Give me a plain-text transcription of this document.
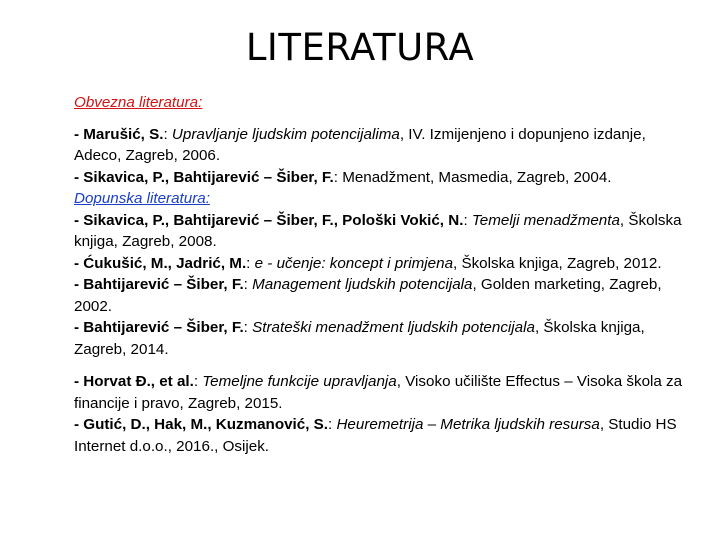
LITERATURA
Obvezna literatura:

- Marušić, S.: Upravljanje ljudskim potencijalima, IV. Izmijenjeno i dopunjeno izdanje, Adeco, Zagreb, 2006.

- Sikavica, P., Bahtijarević – Šiber, F.: Menadžment, Masmedia, Zagreb, 2004.

Dopunska literatura:

- Sikavica, P., Bahtijarević – Šiber, F., Pološki Vokić, N.: Temelji menadžmenta, Školska knjiga, Zagreb, 2008.

- Ćukušić, M., Jadrić, M.: e - učenje: koncept i primjena, Školska knjiga, Zagreb, 2012.

- Bahtijarević – Šiber, F.: Management ljudskih potencijala, Golden marketing, Zagreb, 2002.

- Bahtijarević – Šiber, F.: Strateški menadžment ljudskih potencijala, Školska knjiga, Zagreb, 2014.

- Horvat Đ., et al.: Temeljne funkcije upravljanja, Visoko učilište Effectus – Visoka škola za financije i pravo, Zagreb, 2015.

- Gutić, D., Hak, M., Kuzmanović, S.: Heuremetrija – Metrika ljudskih resursa, Studio HS Internet d.o.o., 2016., Osijek.
